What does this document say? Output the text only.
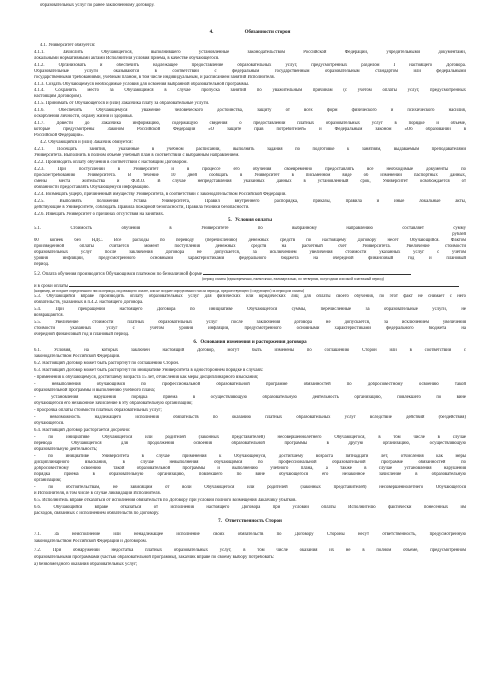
образовательных услуг по ранее заключенному договору.
4.	Обязанности сторон
4.1. Университет обязуется:
4.1.1. Зачислить Обучающегося, выполнившего установленные законодательством Российской Федерации, учредительными документами,
локальными нормативными актами Исполнителя условия приема, в качестве обучающегося.
4.1.2. Организовать и обеспечить надлежащее предоставление образовательных услуг, предусмотренных разделом I настоящего Договора.
Образовательные услуги оказываются в соответствии с федеральным государственным образовательным стандартом или федеральными
государственными требованиями, учебным планом, в том числе индивидуальным, и расписанием занятий Исполнителя.
4.1.3. Создать Обучающемуся необходимые условия для освоения выбранной образовательной программы.
4.1.4. Сохранить место за Обучающимся в случае пропуска занятий по уважительным причинам (с учетом оплаты услуг, предусмотренных
настоящим Договором).
4.1.5. Принимать от Обучающегося и (или) Заказчика плату за образовательные услуги.
4.1.6. Обеспечить Обучающемуся уважение человеческого достоинства, защиту от всех форм физического и психического насилия,
оскорбления личности, охрану жизни и здоровья.
4.1.7. Довести до Заказчика информацию, содержащую сведения о предоставлении платных образовательных услуг в порядке и объеме,
которые предусмотрены Законом Российской Федерации «О защите прав потребителей» и Федеральным законом «Об образовании в
Российской Федерации».
4.2. Обучающийся и (или) Заказчик обязуется:
4.2.1. Посещать занятия, указанные в учебном расписании, выполнять задания по подготовке к занятиям, выдаваемым преподавателями
Университета. Выполнить в полном объеме учебный план в соответствии с выбранным направлением.
4.2.2. Производить оплату обучения в соответствии с настоящим Договором.
4.2.3. При поступлении в Университет и в процессе его обучения своевременно предоставлять все необходимые документы по
просьбе/требованию Университета. В течение 10 дней сообщать в Университет в письменном виде об изменении паспортных данных,
смены места жительства и Ф.И.О. В случае непредставления указанных данных в установленный срок, Университет освобождается от
обязанности предоставлять Обучающемуся информацию.
4.2.4. Возмещать ущерб, причиненный имуществу Университета, в соответствии с законодательством Российской Федерации.
4.2.5. Выполнять положения Устава Университета, Правил внутреннего распорядка, приказы, правила и иные локальные акты,
действующие в Университете, соблюдать Правила пожарной безопасности, Правила техники безопасности.
4.2.6. Извещать Университет о причинах отсутствия на занятиях.
5. Условия оплаты
5.1.	Стоимость	обучения	в	Университете	по	выбранному	направлению	составляет	сумму
рублей
00 копеек без НДС. Все расходы по переводу (перечислению) денежных средств по настоящему Договору несет Обучающийся. Фактом
произведенной оплаты считается момент поступления денежных средств на расчетный счет Университета. Увеличение стоимости
образовательных услуг после заключения Договора не допускается, за исключением увеличения стоимости указанных услуг с учетом
уровня инфляции, предусмотренного основными характеристиками федерального бюджета на очередной финансовый год и плановый
период.
5.2. Оплата обучения производится Обучающимся платежом по безналичной форме
(период оплаты (единовременно, ежемесячно, ежеквартально, по четвертям, полугодиям или иной платежный период)
и в сроки оплаты
(например, не позднее определенного числа периода, подлежащего оплате, или не позднее определенного числа периода, предшествующего (следующего) за периодом оплаты)
5.3. Обучающийся вправе производить оплату образовательных услуг для физических или юридических лиц для оплаты своего обучения, по этот факт не снимает с него
обязательств, указанных в п.4.2. настоящего Договора.
5.4. При прекращении настоящего Договора по инициативе Обучающегося суммы, перечисленные за образовательные услуги, не
возвращаются.
5.5. Увеличение стоимости платных образовательных услуг после заключения договора не допускается, за исключением увеличения
стоимости указанных услуг с учетом уровня инфляции, предусмотренного основными характеристиками федерального бюджета на
очередной финансовый год и плановый период.
6. Основания изменения и расторжения договора
6.1. Условия, на которых заключен настоящий Договор, могут быть изменены по соглашению Сторон или в соответствии с
законодательством Российской Федерации.
6.2. Настоящий Договор может быть расторгнут по соглашению Сторон.
6.3. Настоящий Договор может быть расторгнут по инициативе Университета в одностороннем порядке в случаях:
- применения к обучающемуся, достигшему возраста 15 лет, отчисления как меры дисциплинарного взыскания;
- невыполнения обучающимся по профессиональной образовательной программе обязанностей по добросовестному освоению такой
образовательной программы и выполнению учебного плана;
- установления нарушения порядка приема в осуществляющую образовательную деятельность организацию, повлекшего по вине
обучающегося его незаконное зачисление в эту образовательную организацию;
- просрочка оплаты стоимости платных образовательных услуг;
- невозможность надлежащего исполнения обязательств по оказанию платных образовательных услуг вследствие действий (бездействия)
обучающегося.
6.4. Настоящий Договор расторгается досрочно:
- по инициативе Обучающегося или родителей (законных представителей) несовершеннолетнего Обучающегося, в том числе в случае
перевода Обучающегося для продолжения освоения образовательной программы в другую организацию, осуществляющую
образовательную деятельность;
- по инициативе Университета в случае применения к Обучающемуся, достигшему возраста пятнадцати лет, отчисления как меры
дисциплинарного взыскания, в случае невыполнения обучающимся по профессиональной образовательной программе обязанностей по
добросовестному освоению такой образовательной программы и выполнению учебного плана, а также в случае установления нарушения
порядка приема в образовательную организацию, повлекшего по вине обучающегося его незаконное зачисление в образовательную
организацию;
- по обстоятельствам, не зависящим от воли Обучающегося или родителей (законных представителей) несовершеннолетнего Обучающегося
и Исполнителя, в том числе в случае ликвидации Исполнителя.
6.5. Исполнитель вправе отказаться от исполнения обязательств по Договору при условии полного возмещения Заказчику убытков.
6.6. Обучающийся вправе отказаться от исполнения настоящего Договора при условии оплаты Исполнителю фактически понесенных им
расходов, связанных с исполнением обязательств по Договору.
7. Ответственность Сторон
7.1. За неисполнение или ненадлежащее исполнение своих обязательств по Договору Стороны несут ответственность, предусмотренную
законодательством Российской Федерации и Договором.
7.2. При обнаружении недостатка платных образовательных услуг, в том числе оказания их не в полном объеме, предусмотренном
образовательными программами (частью образовательной программы), заказчик вправе по своему выбору потребовать:
а) безвозмездного оказания образовательных услуг;
